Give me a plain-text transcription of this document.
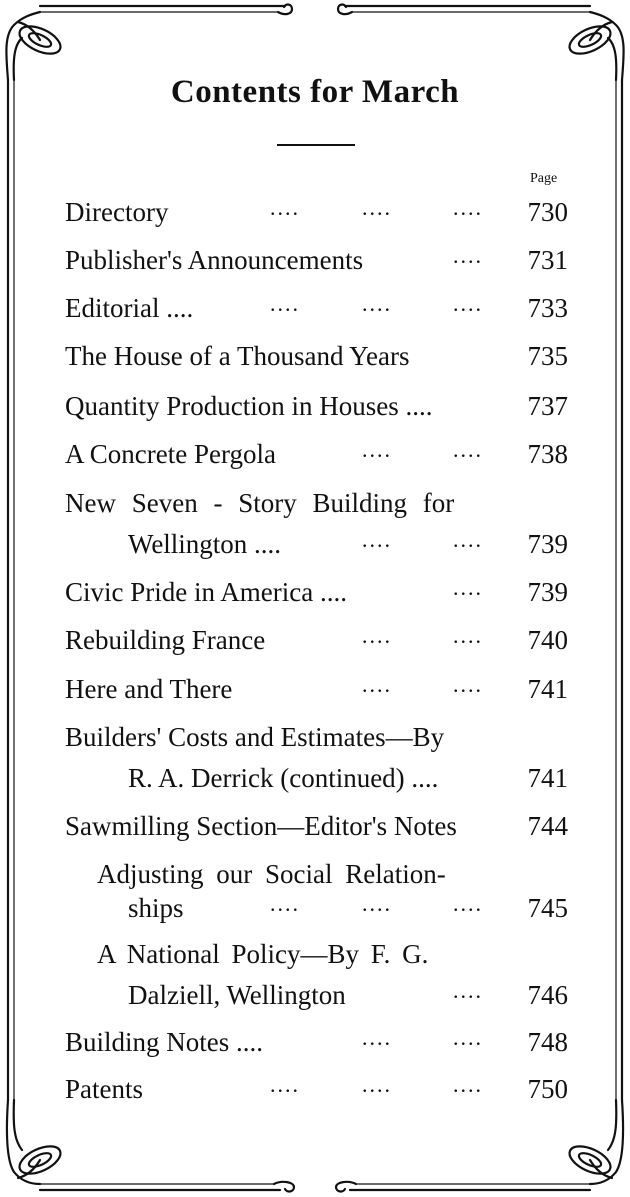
Contents for March
Page
Directory	....	....	.... 730
Publisher's Announcements	.... 731
Editorial ....	....	....	.... 733
The House of a Thousand Years	735
Quantity Production in Houses ....	737
A Concrete Pergola	....	.... 738
New Seven - Story Building for
Wellington ....	....	.... 739
Civic Pride in America ....	.... 739
Rebuilding France	....	.... 740
Here and There	....	.... 741
Builders' Costs and Estimates—By
R. A. Derrick (continued) ....	741
Sawmilling Section—Editor's Notes	744
Adjusting our Social Relation-
ships	....	....	.... 745
A National Policy—By F. G.
Dalziell, Wellington	.... 746
Building Notes ....	....	.... 748
Patents	....	....	.... 750
